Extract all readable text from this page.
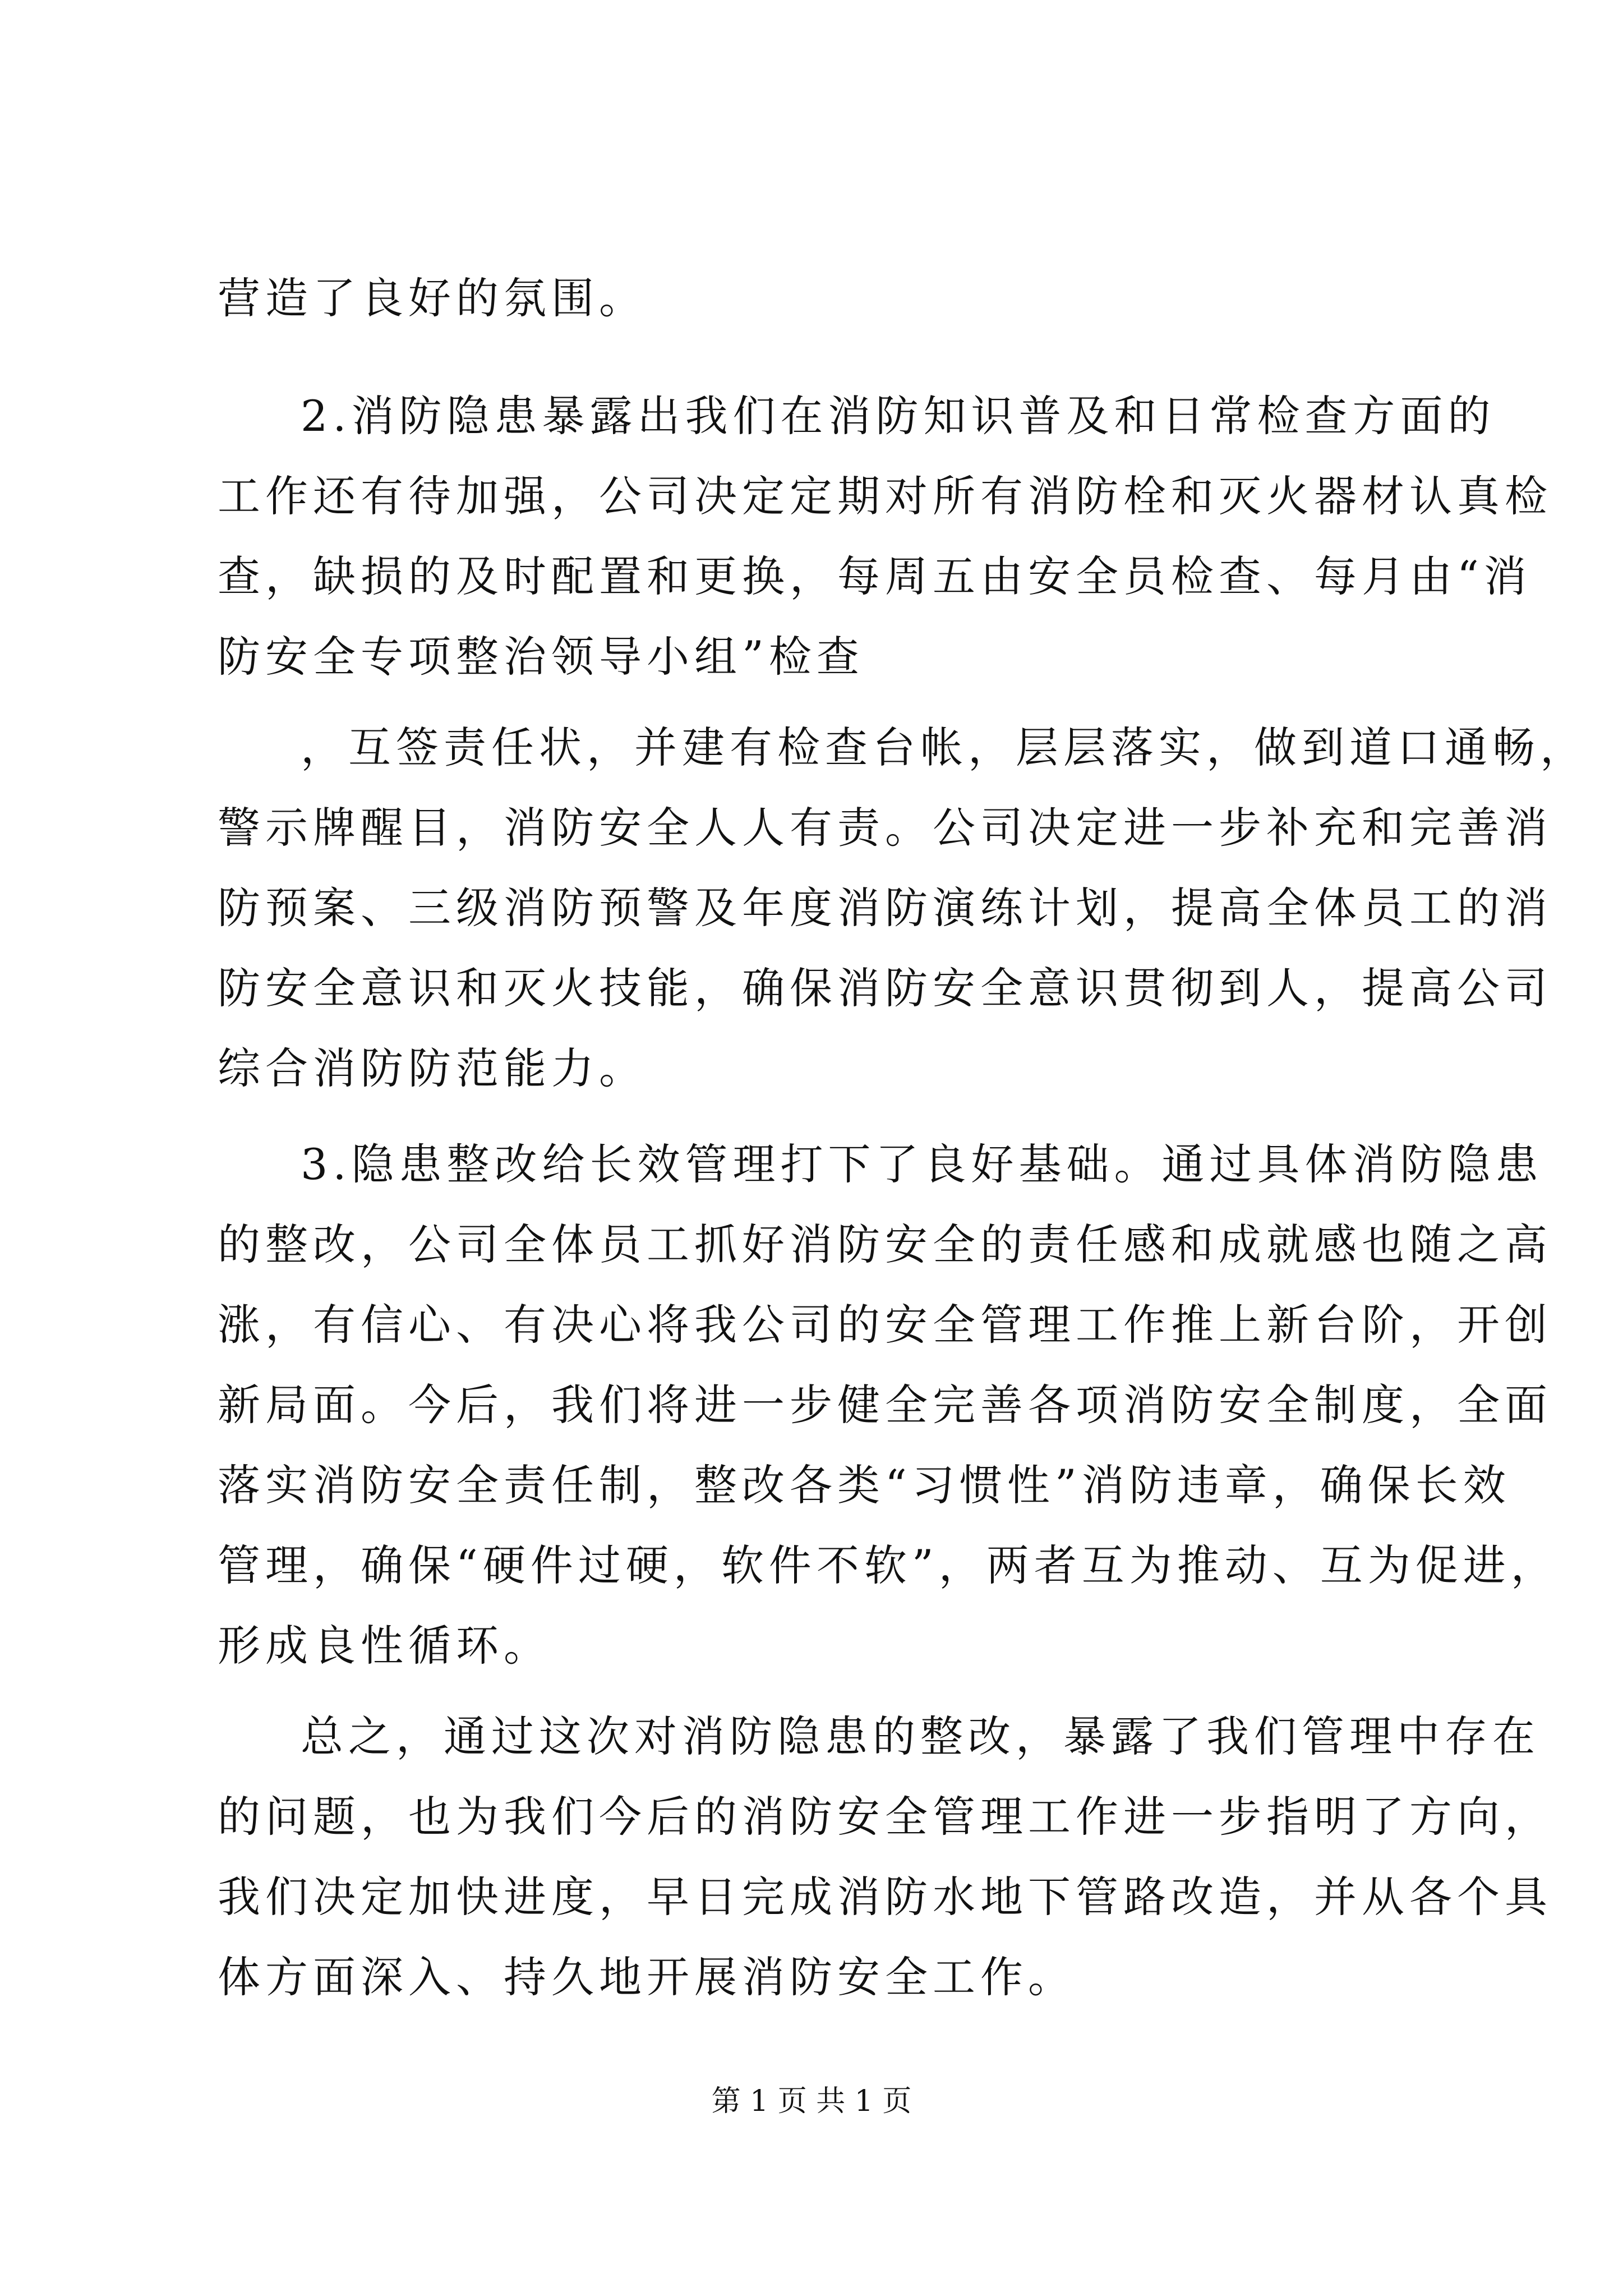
营造了良好的氛围。
2.消防隐患暴露出我们在消防知识普及和日常检查方面的
工作还有待加强，公司决定定期对所有消防栓和灭火器材认真检
查，缺损的及时配置和更换，每周五由安全员检查、每月由“消
防安全专项整治领导小组”检查
，互签责任状，并建有检查台帐，层层落实，做到道口通畅，
警示牌醒目，消防安全人人有责。公司决定进一步补充和完善消
防预案、三级消防预警及年度消防演练计划，提高全体员工的消
防安全意识和灭火技能，确保消防安全意识贯彻到人，提高公司
综合消防防范能力。
3.隐患整改给长效管理打下了良好基础。通过具体消防隐患
的整改，公司全体员工抓好消防安全的责任感和成就感也随之高
涨，有信心、有决心将我公司的安全管理工作推上新台阶，开创
新局面。今后，我们将进一步健全完善各项消防安全制度，全面
落实消防安全责任制，整改各类“习惯性”消防违章，确保长效
管理，确保“硬件过硬，软件不软”，两者互为推动、互为促进，
形成良性循环。
总之，通过这次对消防隐患的整改，暴露了我们管理中存在
的问题，也为我们今后的消防安全管理工作进一步指明了方向，
我们决定加快进度，早日完成消防水地下管路改造，并从各个具
体方面深入、持久地开展消防安全工作。
第 1 页 共 1 页
